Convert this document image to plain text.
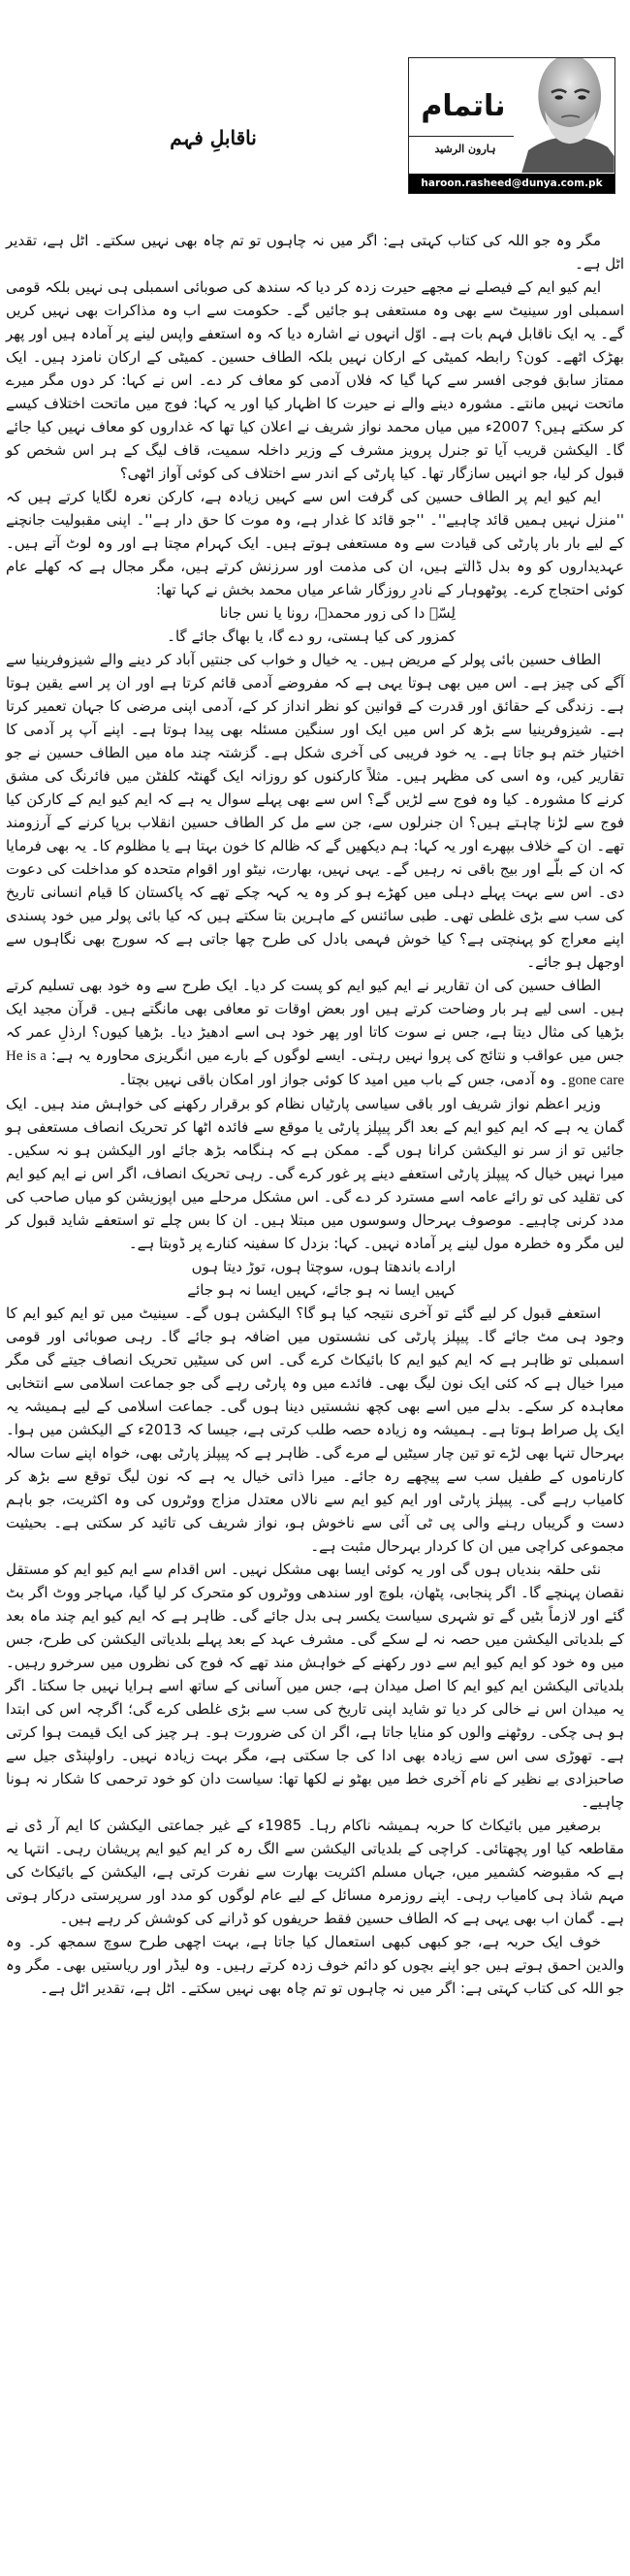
ناقابلِ فہم
ناتمام
ہارون الرشید
haroon.rasheed@dunya.com.pk

مگر وہ جو اللہ کی کتاب کہتی ہے: اگر میں نہ چاہوں تو تم چاہ بھی نہیں سکتے۔ اٹل ہے، تقدیر اٹل ہے۔

ایم کیو ایم کے فیصلے نے مجھے حیرت زدہ کر دیا کہ سندھ کی صوبائی اسمبلی ہی نہیں بلکہ قومی اسمبلی اور سینیٹ سے بھی وہ مستعفی ہو جائیں گے۔ حکومت سے اب وہ مذاکرات بھی نہیں کریں گے۔ یہ ایک ناقابل فہم بات ہے۔ اوّل انہوں نے اشارہ دیا کہ وہ استعفے واپس لینے پر آمادہ ہیں اور پھر بھڑک اٹھے۔ کون؟ رابطہ کمیٹی کے ارکان نہیں بلکہ الطاف حسین۔ کمیٹی کے ارکان نامزد ہیں۔ ایک ممتاز سابق فوجی افسر سے کہا گیا کہ فلاں آدمی کو معاف کر دے۔ اس نے کہا: کر دوں مگر میرے ماتحت نہیں مانتے۔ مشورہ دینے والے نے حیرت کا اظہار کیا اور یہ کہا: فوج میں ماتحت اختلاف کیسے کر سکتے ہیں؟ 2007ء میں میاں محمد نواز شریف نے اعلان کیا تھا کہ غداروں کو معاف نہیں کیا جائے گا۔ الیکشن قریب آیا تو جنرل پرویز مشرف کے وزیر داخلہ سمیت، قاف لیگ کے ہر اس شخص کو قبول کر لیا، جو انہیں سازگار تھا۔ کیا پارٹی کے اندر سے اختلاف کی کوئی آواز اٹھی؟

ایم کیو ایم پر الطاف حسین کی گرفت اس سے کہیں زیادہ ہے، کارکن نعرہ لگایا کرتے ہیں کہ ''منزل نہیں ہمیں قائد چاہیے''۔ ''جو قائد کا غدار ہے، وہ موت کا حق دار ہے''۔ اپنی مقبولیت جانچنے کے لیے بار بار پارٹی کی قیادت سے وہ مستعفی ہوتے ہیں۔ ایک کہرام مچتا ہے اور وہ لوٹ آتے ہیں۔ عہدیداروں کو وہ بدل ڈالتے ہیں، ان کی مذمت اور سرزنش کرتے ہیں، مگر مجال ہے کہ کھلے عام کوئی احتجاج کرے۔ پوٹھوہار کے نادرِ روزگار شاعر میاں محمد بخش نے کہا تھا:

لِسّے دا کی زور محمدؐ، رونا یا نس جانا

کمزور کی کیا ہستی، رو دے گا، یا بھاگ جائے گا۔

الطاف حسین بائی پولر کے مریض ہیں۔ یہ خیال و خواب کی جنتیں آباد کر دینے والے شیزوفرینیا سے آگے کی چیز ہے۔ اس میں بھی ہوتا یہی ہے کہ مفروضے آدمی قائم کرتا ہے اور ان پر اسے یقین ہوتا ہے۔ زندگی کے حقائق اور قدرت کے قوانین کو نظر انداز کر کے، آدمی اپنی مرضی کا جہان تعمیر کرتا ہے۔ شیزوفرینیا سے بڑھ کر اس میں ایک اور سنگین مسئلہ بھی پیدا ہوتا ہے۔ اپنے آپ پر آدمی کا اختیار ختم ہو جاتا ہے۔ یہ خود فریبی کی آخری شکل ہے۔ گزشتہ چند ماہ میں الطاف حسین نے جو تقاریر کیں، وہ اسی کی مظہر ہیں۔ مثلاً کارکنوں کو روزانہ ایک گھنٹہ کلفٹن میں فائرنگ کی مشق کرنے کا مشورہ۔ کیا وہ فوج سے لڑیں گے؟ اس سے بھی پہلے سوال یہ ہے کہ ایم کیو ایم کے کارکن کیا فوج سے لڑنا چاہتے ہیں؟ ان جنرلوں سے، جن سے مل کر الطاف حسین انقلاب برپا کرنے کے آرزومند تھے۔ ان کے خلاف بپھرے اور یہ کہا: ہم دیکھیں گے کہ ظالم کا خون بہتا ہے یا مظلوم کا۔ یہ بھی فرمایا کہ ان کے بلّے اور بیج باقی نہ رہیں گے۔ یہی نہیں، بھارت، نیٹو اور اقوام متحدہ کو مداخلت کی دعوت دی۔ اس سے بہت پہلے دہلی میں کھڑے ہو کر وہ یہ کہہ چکے تھے کہ پاکستان کا قیام انسانی تاریخ کی سب سے بڑی غلطی تھی۔ طبی سائنس کے ماہرین بتا سکتے ہیں کہ کیا بائی پولر میں خود پسندی اپنے معراج کو پہنچتی ہے؟ کیا خوش فہمی بادل کی طرح چھا جاتی ہے کہ سورج بھی نگاہوں سے اوجھل ہو جائے۔

الطاف حسین کی ان تقاریر نے ایم کیو ایم کو پست کر دیا۔ ایک طرح سے وہ خود بھی تسلیم کرتے ہیں۔ اسی لیے ہر بار وضاحت کرتے ہیں اور بعض اوقات تو معافی بھی مانگتے ہیں۔ قرآن مجید ایک بڑھیا کی مثال دیتا ہے، جس نے سوت کاتا اور پھر خود ہی اسے ادھیڑ دیا۔ بڑھیا کیوں؟ ارذلِ عمر کہ جس میں عواقب و نتائج کی پروا نہیں رہتی۔ ایسے لوگوں کے بارے میں انگریزی محاورہ یہ ہے: He is a gone care۔ وہ آدمی، جس کے باب میں امید کا کوئی جواز اور امکان باقی نہیں بچتا۔

وزیر اعظم نواز شریف اور باقی سیاسی پارٹیاں نظام کو برقرار رکھنے کی خواہش مند ہیں۔ ایک گمان یہ ہے کہ ایم کیو ایم کے بعد اگر پیپلز پارٹی یا موقع سے فائدہ اٹھا کر تحریک انصاف مستعفی ہو جائیں تو از سر نو الیکشن کرانا ہوں گے۔ ممکن ہے کہ ہنگامہ بڑھ جائے اور الیکشن ہو نہ سکیں۔ میرا نہیں خیال کہ پیپلز پارٹی استعفے دینے پر غور کرے گی۔ رہی تحریک انصاف، اگر اس نے ایم کیو ایم کی تقلید کی تو رائے عامہ اسے مسترد کر دے گی۔ اس مشکل مرحلے میں اپوزیشن کو میاں صاحب کی مدد کرنی چاہیے۔ موصوف بہرحال وسوسوں میں مبتلا ہیں۔ ان کا بس چلے تو استعفے شاید قبول کر لیں مگر وہ خطرہ مول لینے پر آمادہ نہیں۔ کہا: بزدل کا سفینہ کنارے پر ڈوبتا ہے۔

ارادے باندھتا ہوں، سوچتا ہوں، توڑ دیتا ہوں

کہیں ایسا نہ ہو جائے، کہیں ایسا نہ ہو جائے

استعفے قبول کر لیے گئے تو آخری نتیجہ کیا ہو گا؟ الیکشن ہوں گے۔ سینیٹ میں تو ایم کیو ایم کا وجود ہی مٹ جائے گا۔ پیپلز پارٹی کی نشستوں میں اضافہ ہو جائے گا۔ رہی صوبائی اور قومی اسمبلی تو ظاہر ہے کہ ایم کیو ایم کا بائیکاٹ کرے گی۔ اس کی سیٹیں تحریک انصاف جیتے گی مگر میرا خیال ہے کہ کئی ایک نون لیگ بھی۔ فائدے میں وہ پارٹی رہے گی جو جماعت اسلامی سے انتخابی معاہدہ کر سکے۔ بدلے میں اسے بھی کچھ نشستیں دینا ہوں گی۔ جماعت اسلامی کے لیے ہمیشہ یہ ایک پل صراط ہوتا ہے۔ ہمیشہ وہ زیادہ حصہ طلب کرتی ہے، جیسا کہ 2013ء کے الیکشن میں ہوا۔ بہرحال تنہا بھی لڑے تو تین چار سیٹیں لے مرے گی۔ ظاہر ہے کہ پیپلز پارٹی بھی، خواہ اپنے سات سالہ کارناموں کے طفیل سب سے پیچھے رہ جائے۔ میرا ذاتی خیال یہ ہے کہ نون لیگ توقع سے بڑھ کر کامیاب رہے گی۔ پیپلز پارٹی اور ایم کیو ایم سے نالاں معتدل مزاج ووٹروں کی وہ اکثریت، جو باہم دست و گریباں رہنے والی پی ٹی آئی سے ناخوش ہو، نواز شریف کی تائید کر سکتی ہے۔ بحیثیت مجموعی کراچی میں ان کا کردار بہرحال مثبت ہے۔

نئی حلقہ بندیاں ہوں گی اور یہ کوئی ایسا بھی مشکل نہیں۔ اس اقدام سے ایم کیو ایم کو مستقل نقصان پہنچے گا۔ اگر پنجابی، پٹھان، بلوچ اور سندھی ووٹروں کو متحرک کر لیا گیا، مہاجر ووٹ اگر بٹ گئے اور لازماً بٹیں گے تو شہری سیاست یکسر ہی بدل جائے گی۔ ظاہر ہے کہ ایم کیو ایم چند ماہ بعد کے بلدیاتی الیکشن میں حصہ نہ لے سکے گی۔ مشرف عہد کے بعد پہلے بلدیاتی الیکشن کی طرح، جس میں وہ خود کو ایم کیو ایم سے دور رکھنے کے خواہش مند تھے کہ فوج کی نظروں میں سرخرو رہیں۔ بلدیاتی الیکشن ایم کیو ایم کا اصل میدان ہے، جس میں آسانی کے ساتھ اسے ہرایا نہیں جا سکتا۔ اگر یہ میدان اس نے خالی کر دیا تو شاید اپنی تاریخ کی سب سے بڑی غلطی کرے گی؛ اگرچہ اس کی ابتدا ہو ہی چکی۔ روٹھنے والوں کو منایا جاتا ہے، اگر ان کی ضرورت ہو۔ ہر چیز کی ایک قیمت ہوا کرتی ہے۔ تھوڑی سی اس سے زیادہ بھی ادا کی جا سکتی ہے، مگر بہت زیادہ نہیں۔ راولپنڈی جیل سے صاحبزادی بے نظیر کے نام آخری خط میں بھٹو نے لکھا تھا: سیاست دان کو خود ترحمی کا شکار نہ ہونا چاہیے۔

برصغیر میں بائیکاٹ کا حربہ ہمیشہ ناکام رہا۔ 1985ء کے غیر جماعتی الیکشن کا ایم آر ڈی نے مقاطعہ کیا اور پچھتائی۔ کراچی کے بلدیاتی الیکشن سے الگ رہ کر ایم کیو ایم پریشان رہی۔ انتہا یہ ہے کہ مقبوضہ کشمیر میں، جہاں مسلم اکثریت بھارت سے نفرت کرتی ہے، الیکشن کے بائیکاٹ کی مہم شاذ ہی کامیاب رہی۔ اپنے روزمرہ مسائل کے لیے عام لوگوں کو مدد اور سرپرستی درکار ہوتی ہے۔ گمان اب بھی یہی ہے کہ الطاف حسین فقط حریفوں کو ڈرانے کی کوشش کر رہے ہیں۔

خوف ایک حربہ ہے، جو کبھی کبھی استعمال کیا جاتا ہے، بہت اچھی طرح سوچ سمجھ کر۔ وہ والدین احمق ہوتے ہیں جو اپنے بچوں کو دائم خوف زدہ کرتے رہیں۔ وہ لیڈر اور ریاستیں بھی۔ مگر وہ جو اللہ کی کتاب کہتی ہے: اگر میں نہ چاہوں تو تم چاہ بھی نہیں سکتے۔ اٹل ہے، تقدیر اٹل ہے۔
